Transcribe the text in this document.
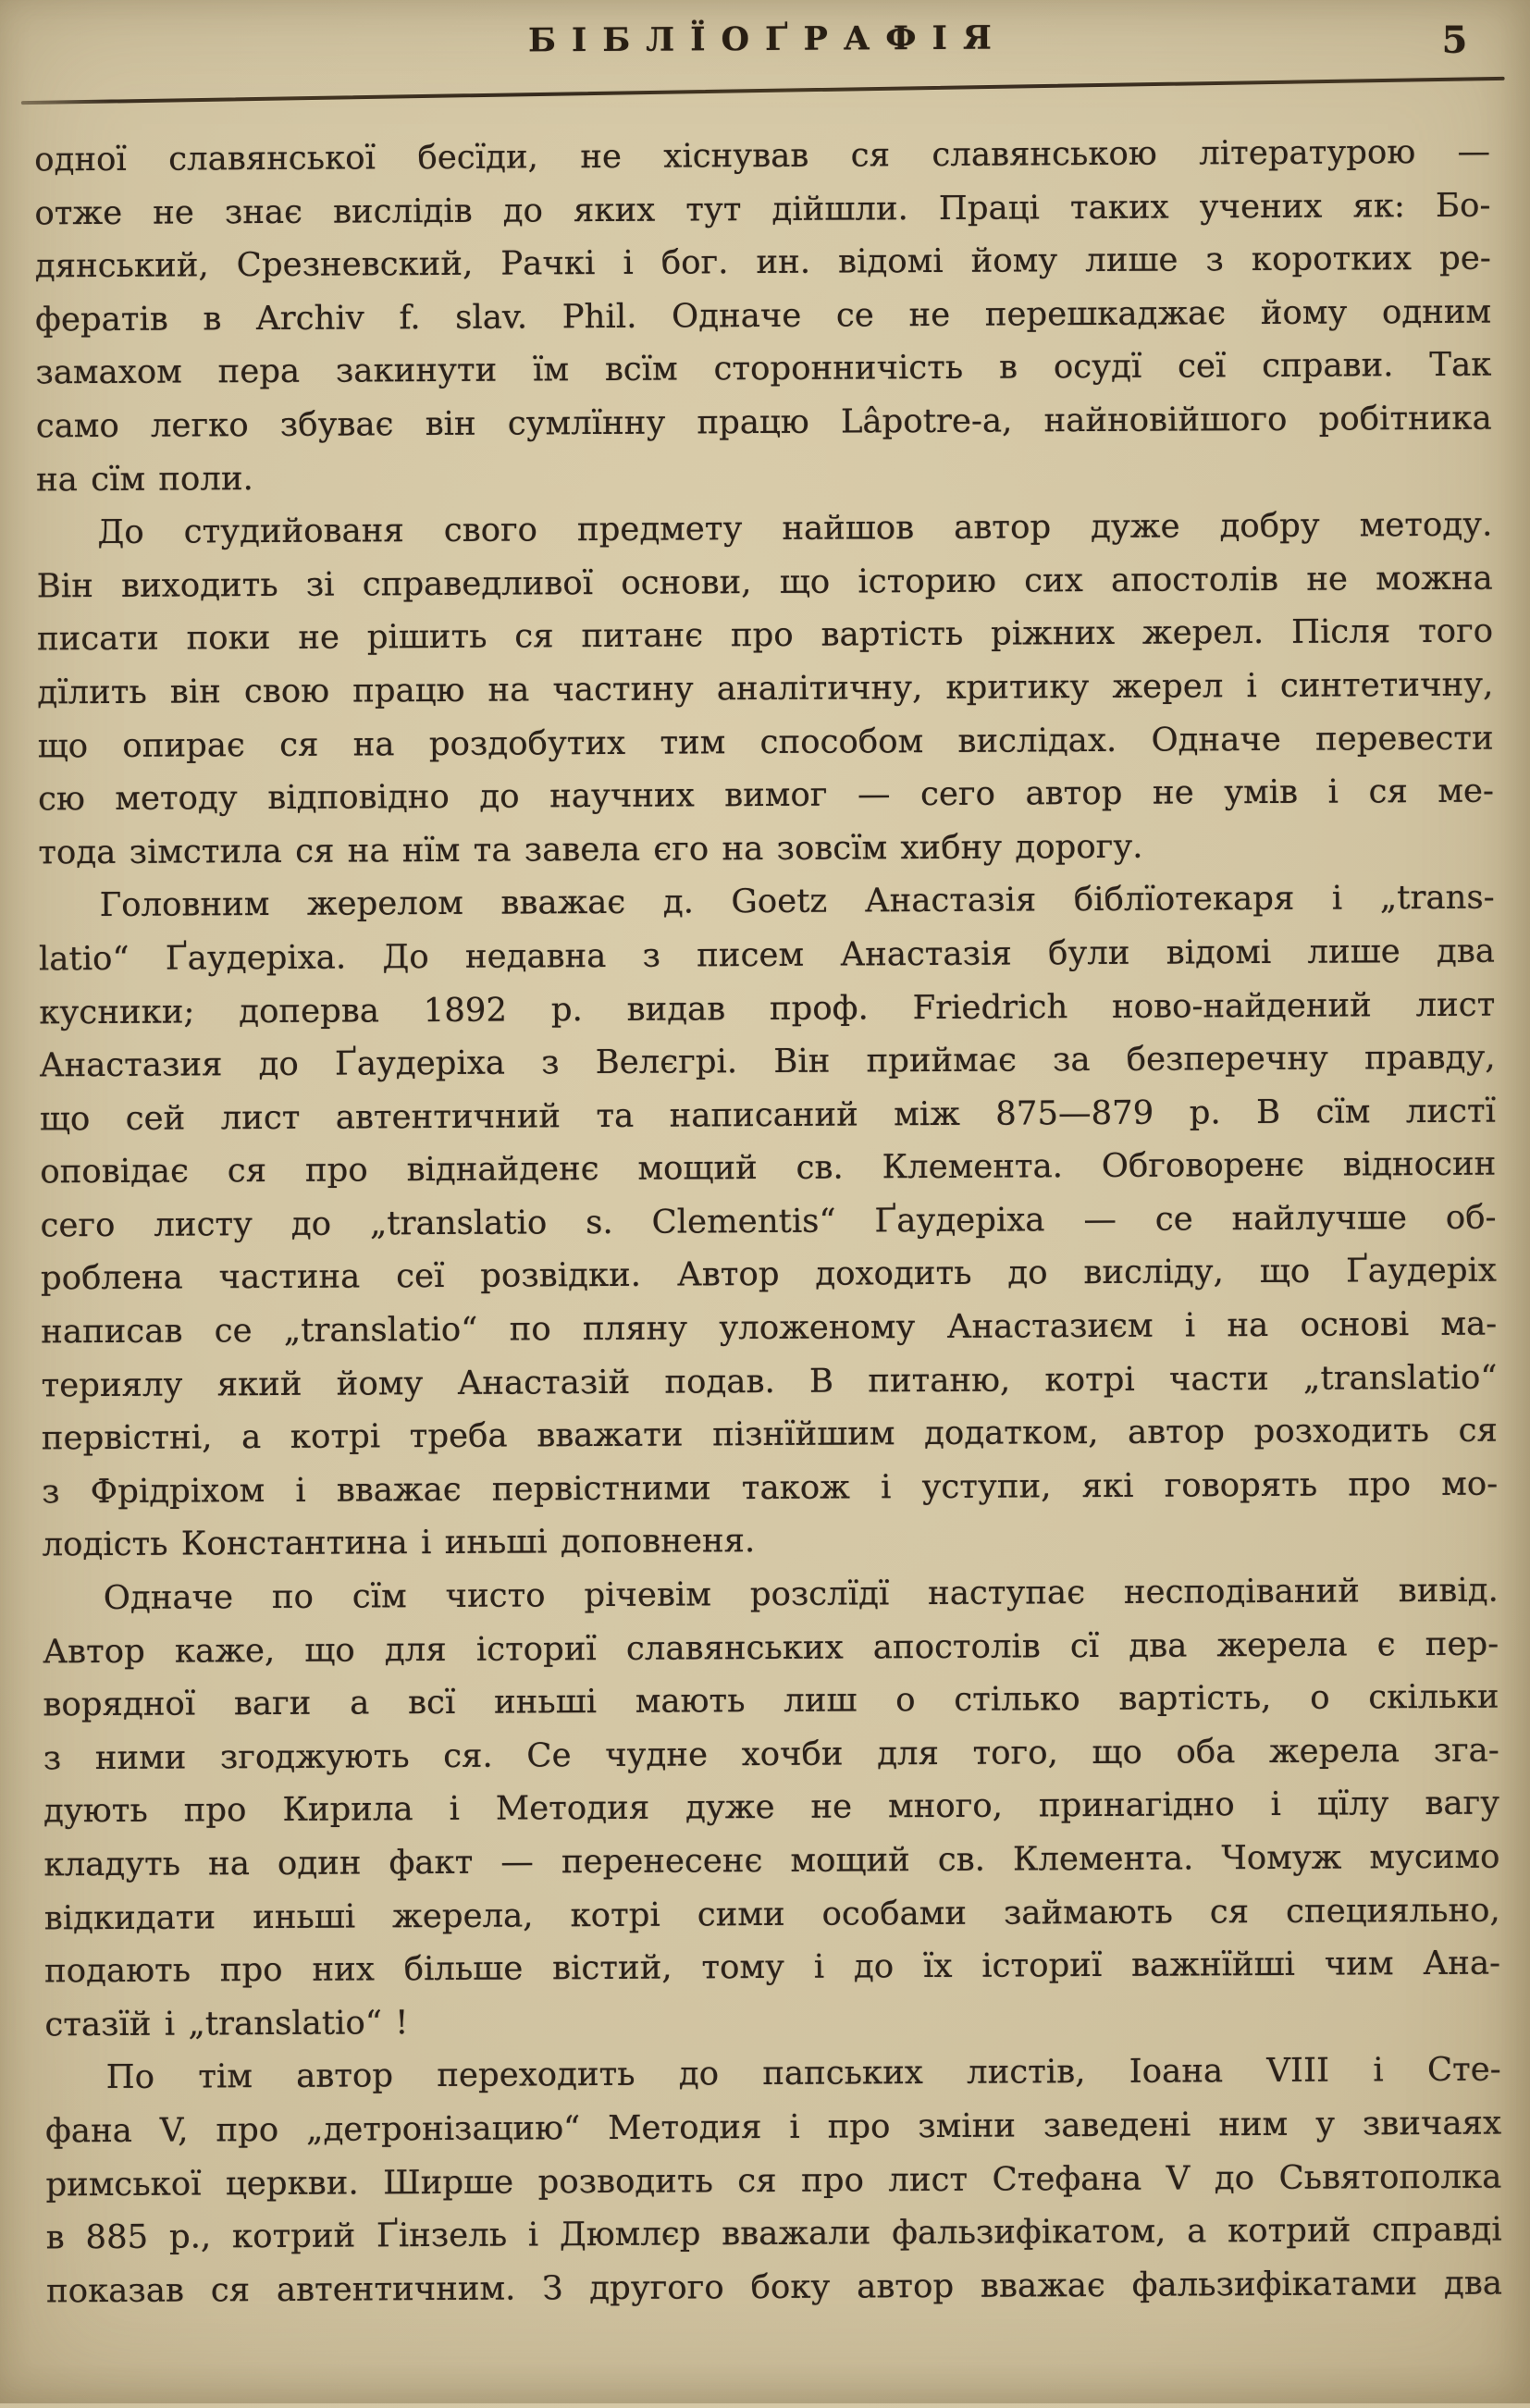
БІБЛЇОҐРАФІЯ	5
одної славянської бесїди, не хіснував ся славянською літературою —
отже не знає вислідів до яких тут дійшли. Праці таких учених як: Бо-
дянський, Срезневский, Рачкі і бог. ин. відомі йому лише з коротких ре-
фератів в Archiv f. slav. Phil. Одначе се не перешкаджає йому одним
замахом пера закинути їм всїм сторонничість в осудї сеї справи. Так
само легко збуває він сумлїнну працю Lâpotre-a, найновійшого робітника
на сїм поли.
До студийованя свого предмету найшов автор дуже добру методу.
Він виходить зі справедливої основи, що історию сих апостолів не можна
писати поки не рішить ся питанє про вартість ріжних жерел. Після того
дїлить він свою працю на частину аналітичну, критику жерел і синтетичну,
що опирає ся на роздобутих тим способом вислідах. Одначе перевести
сю методу відповідно до научних вимог — сего автор не умів і ся ме-
тода зімстила ся на нїм та завела єго на зовсїм хибну дорогу.
Головним жерелом вважає д. Goetz Анастазія біблїотекаря і „trans-
latio“ Ґаудеріха. До недавна з писем Анастазія були відомі лише два
кусники; доперва 1892 р. видав проф. Friedrich ново-найдений лист
Анастазия до Ґаудеріха з Велєгрі. Він приймає за безперечну правду,
що сей лист автентичний та написаний між 875—879 р. В сїм листї
оповідає ся про віднайденє мощий св. Клемента. Обговоренє відносин
сего листу до „translatio s. Clementis“ Ґаудеріха — се найлучше об-
роблена частина сеї розвідки. Автор доходить до висліду, що Ґаудеріх
написав се „translatio“ по пляну уложеному Анастазиєм і на основі ма-
териялу який йому Анастазій подав. В питаню, котрі части „translatio“
первістні, а котрі треба вважати пізнїйшим додатком, автор розходить ся
з Фрідріхом і вважає первістними також і уступи, які говорять про мо-
лодість Константина і иньші доповненя.
Одначе по сїм чисто річевім розслїдї наступає несподіваний вивід.
Автор каже, що для істориї славянських апостолів сї два жерела є пер-
ворядної ваги а всї иньші мають лиш о стілько вартість, о скільки
з ними згоджують ся. Се чудне хочби для того, що оба жерела зга-
дують про Кирила і Методия дуже не много, принагідно і цїлу вагу
кладуть на один факт — перенесенє мощий св. Клемента. Чомуж мусимо
відкидати иньші жерела, котрі сими особами займають ся специяльно,
подають про них більше вістий, тому і до їх істориї важнїйші чим Ана-
стазїй і „translatio“ !
По тім автор переходить до папських листів, Іоана VIII і Сте-
фана V, про „детронізацию“ Методия і про зміни заведені ним у звичаях
римської церкви. Ширше розводить ся про лист Стефана V до Сьвятополка
в 885 р., котрий Ґінзель і Дюмлєр вважали фальзифікатом, а котрий справді
показав ся автентичним. З другого боку автор вважає фальзифікатами два
